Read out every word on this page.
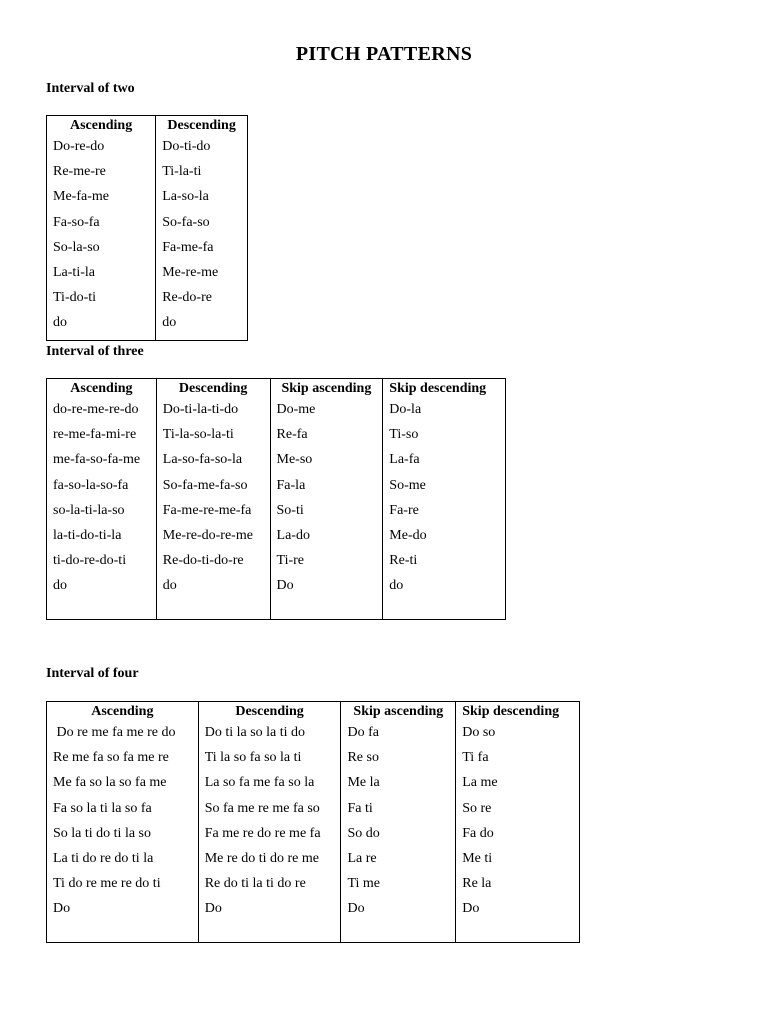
PITCH PATTERNS
Interval of two
Ascending	Descending
Do-re-do	Do-ti-do
Re-me-re	Ti-la-ti
Me-fa-me	La-so-la
Fa-so-fa	So-fa-so
So-la-so	Fa-me-fa
La-ti-la	Me-re-me
Ti-do-ti	Re-do-re
do	do
Interval of three
Ascending	Descending	Skip ascending	Skip descending
do-re-me-re-do	Do-ti-la-ti-do	Do-me	Do-la
re-me-fa-mi-re	Ti-la-so-la-ti	Re-fa	Ti-so
me-fa-so-fa-me	La-so-fa-so-la	Me-so	La-fa
fa-so-la-so-fa	So-fa-me-fa-so	Fa-la	So-me
so-la-ti-la-so	Fa-me-re-me-fa	So-ti	Fa-re
la-ti-do-ti-la	Me-re-do-re-me	La-do	Me-do
ti-do-re-do-ti	Re-do-ti-do-re	Ti-re	Re-ti
do	do	Do	do

Interval of four
Ascending	Descending	Skip ascending	Skip descending
Do re me fa me re do	Do ti la so la ti do	Do fa	Do so
Re me fa so fa me re	Ti la so fa so la ti	Re so	Ti fa
Me fa so la so fa me	La so fa me fa so la	Me la	La me
Fa so la ti la so fa	So fa me re me fa so	Fa ti	So re
So la ti do ti la so	Fa me re do re me fa	So do	Fa do
La ti do re do ti la	Me re do ti do re me	La re	Me ti
Ti do re me re do ti	Re do ti la ti do re	Ti me	Re la
Do	Do	Do	Do
